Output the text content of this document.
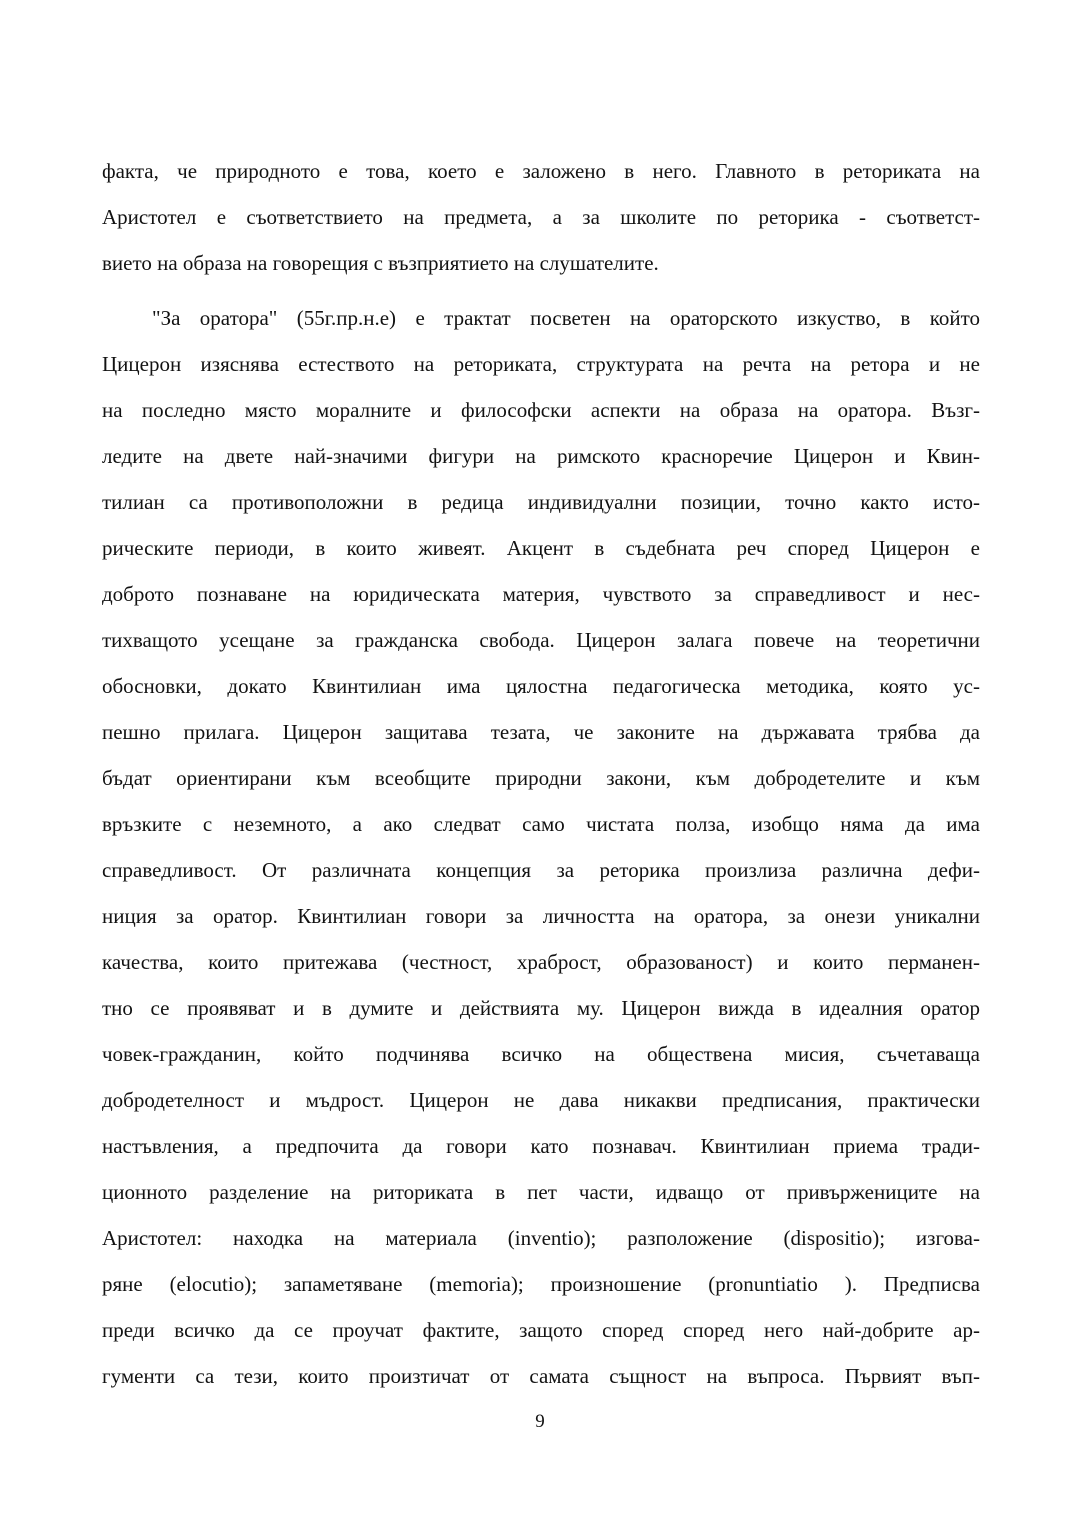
факта, че природното е това, което е заложено в него. Главното в реториката на
Аристотел е съответствието на предмета, а за школите по реторика - съответст-
вието на образа на говорещия с възприятието на слушателите.
"За оратора" (55г.пр.н.е) е трактат посветен на ораторското изкуство, в който
Цицерон изяснява естеството на реториката, структурата на речта на ретора и не
на последно място моралните и философски аспекти на образа на оратора. Възг-
ледите на двете най-значими фигури на римското красноречие Цицерон и Квин-
тилиан са противоположни в редица индивидуални позиции, точно както исто-
рическите периоди, в които живеят. Акцент в съдебната реч според Цицерон е
доброто познаване на юридическата материя, чувството за справедливост и нес-
тихващото усещане за гражданска свобода. Цицерон залага повече на теоретични
обосновки, докато Квинтилиан има цялостна педагогическа методика, която ус-
пешно прилага. Цицерон защитава тезата, че законите на държавата трябва да
бъдат ориентирани към всеобщите природни закони, към добродетелите и към
връзките с неземното, а ако следват само чистата полза, изобщо няма да има
справедливост. От различната концепция за реторика произлиза различна дефи-
ниция за оратор. Квинтилиан говори за личността на оратора, за онези уникални
качества, които притежава (честност, храброст, образованост) и които перманен-
тно се проявяват и в думите и действията му. Цицерон вижда в идеалния оратор
човек-гражданин, който подчинява всичко на обществена мисия, съчетаваща
добродетелност и мъдрост. Цицерон не дава никакви предписания, практически
настъвления, а предпочита да говори като познавач. Квинтилиан приема тради-
ционното разделение на риториката в пет части, идващо от привържениците на
Аристотел: находка на материала (inventio); разположение (dispositio); изгова-
ряне (elocutio); запаметяване (memoria); произношение (pronuntiatio ). Предписва
преди всичко да се проучат фактите, защото според според него най-добрите ар-
гументи са тези, които произтичат от самата същност на въпроса. Първият въп-
9
